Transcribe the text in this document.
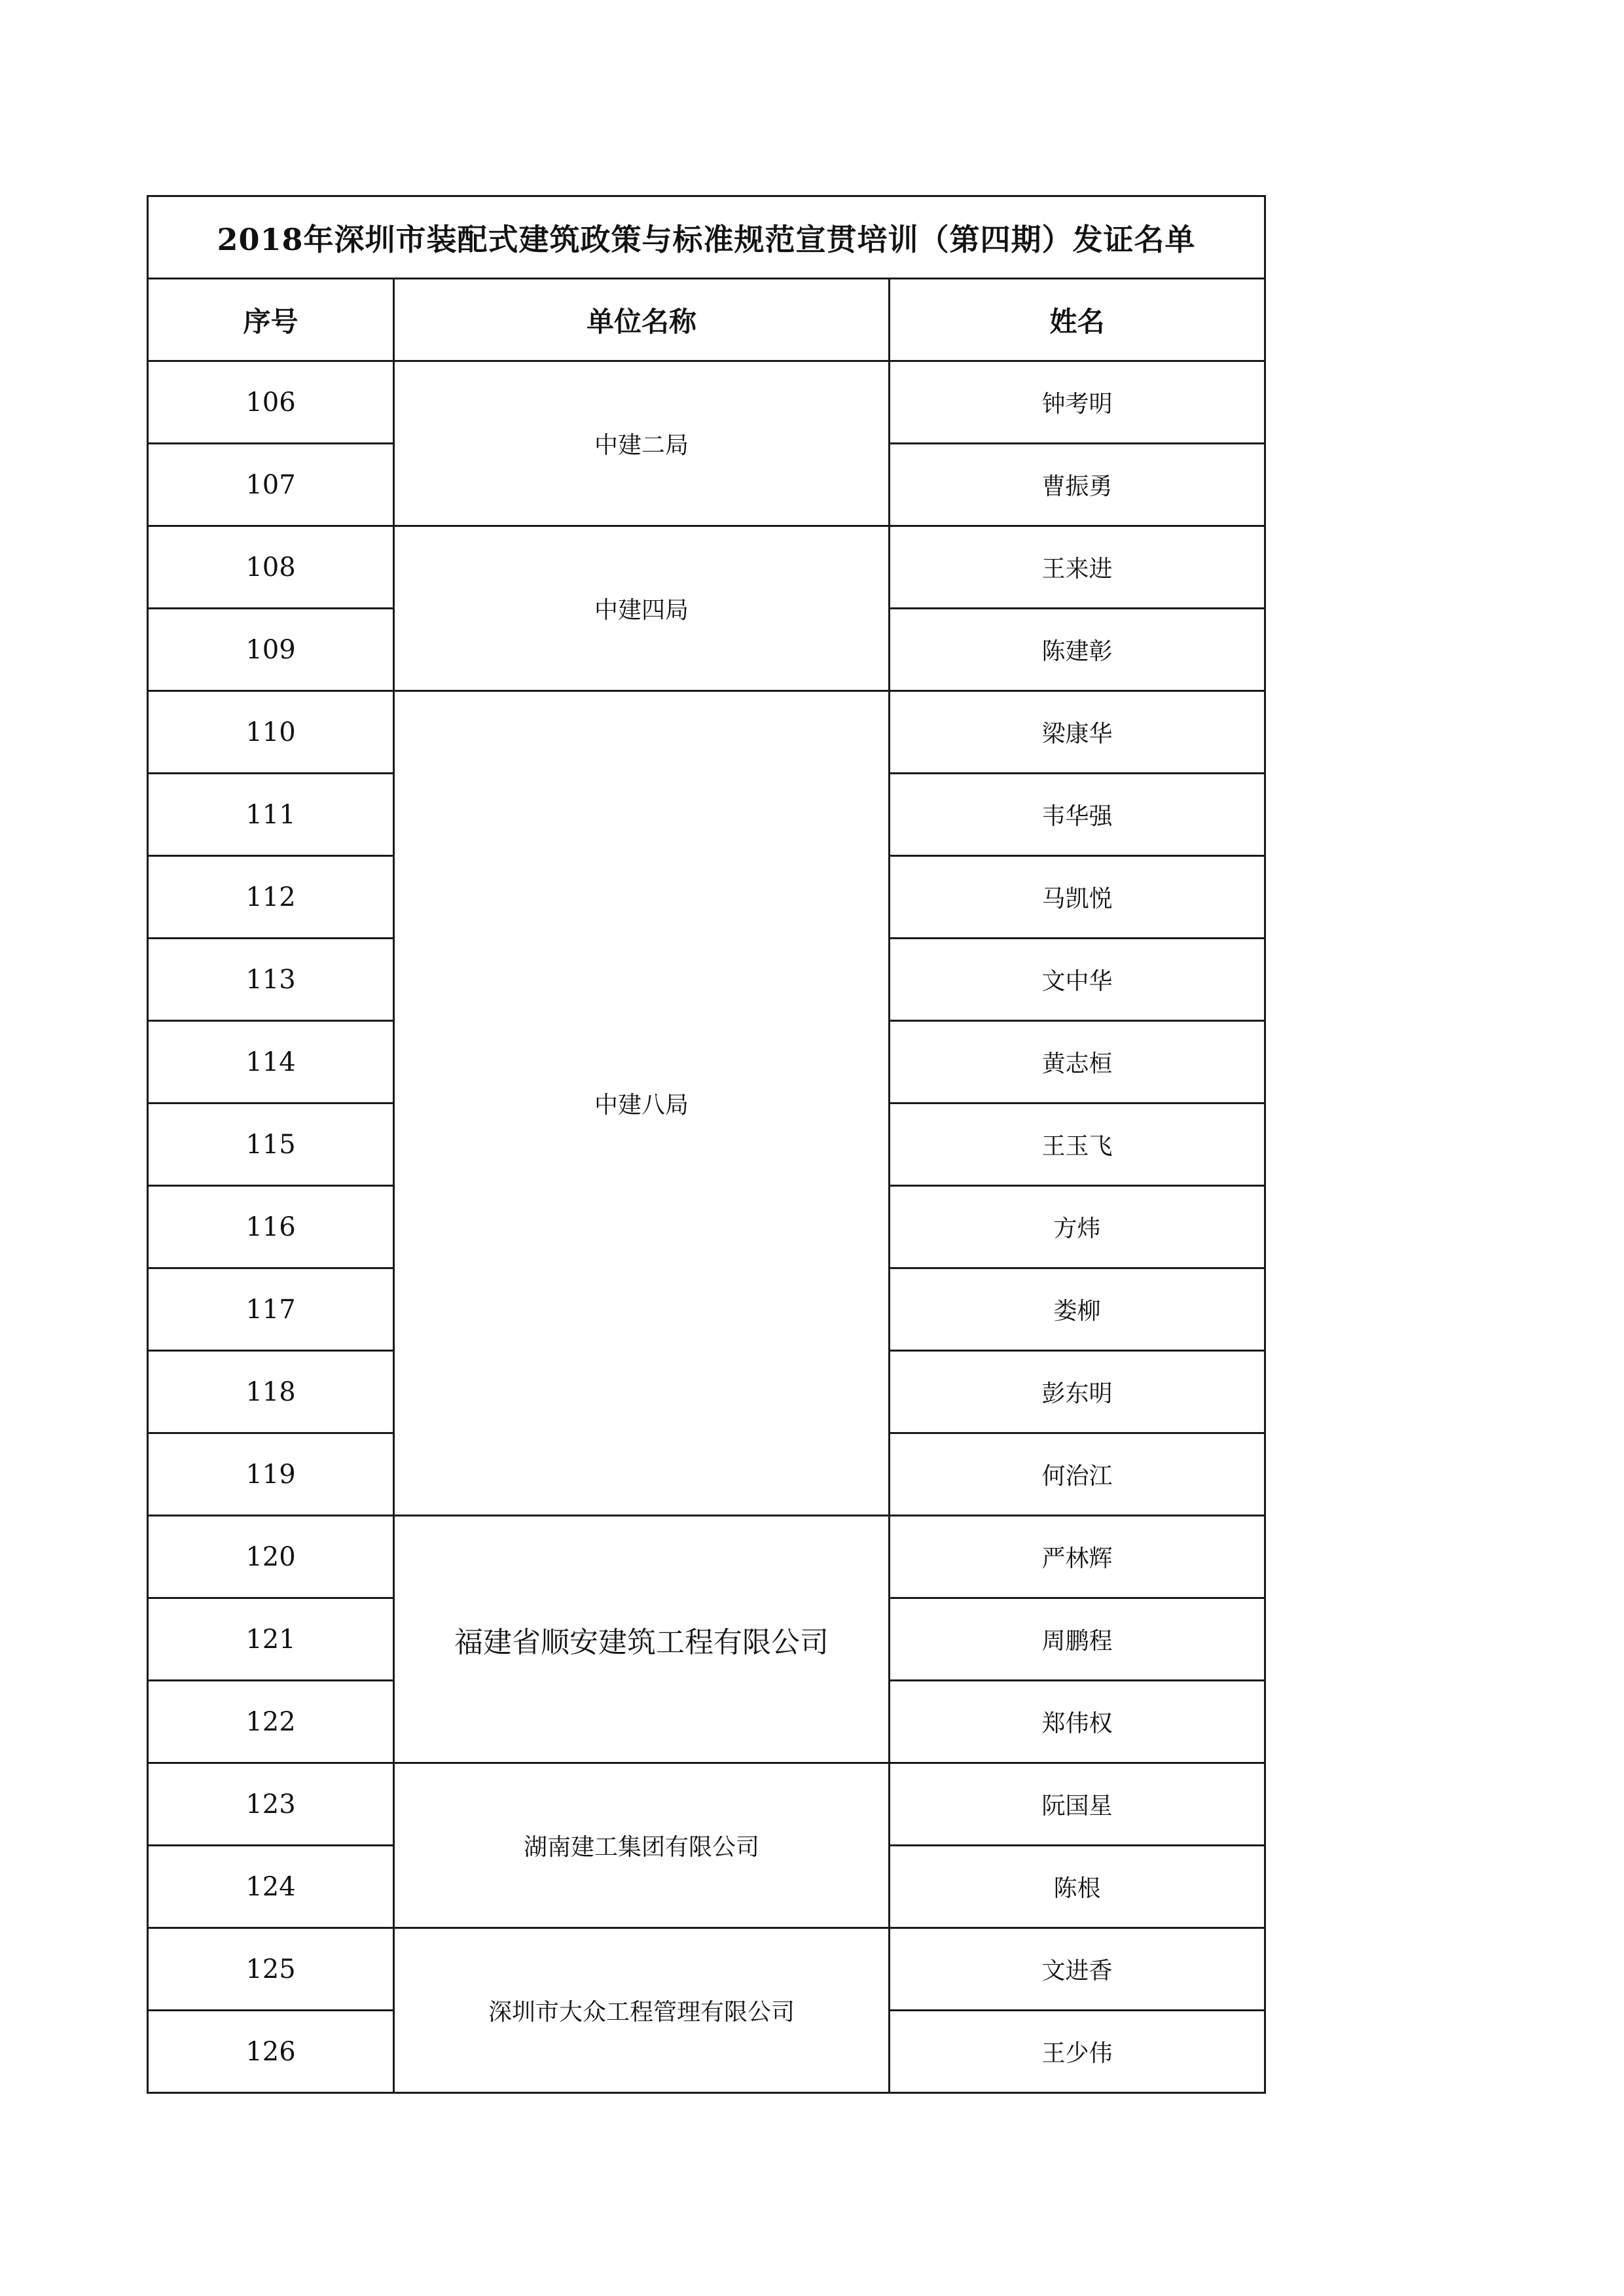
2018年深圳市装配式建筑政策与标准规范宣贯培训（第四期）发证名单		
序号	单位名称	姓名
106	中建二局	钟考明
107		曹振勇
108	中建四局	王来进
109		陈建彰
110	中建八局	梁康华
111		韦华强
112		马凯悦
113		文中华
114		黄志桓
115		王玉飞
116		方炜
117		娄柳
118		彭东明
119		何治江
120	福建省顺安建筑工程有限公司	严林辉
121		周鹏程
122		郑伟权
123	湖南建工集团有限公司	阮国星
124		陈根
125	深圳市大众工程管理有限公司	文进香
126		王少伟
